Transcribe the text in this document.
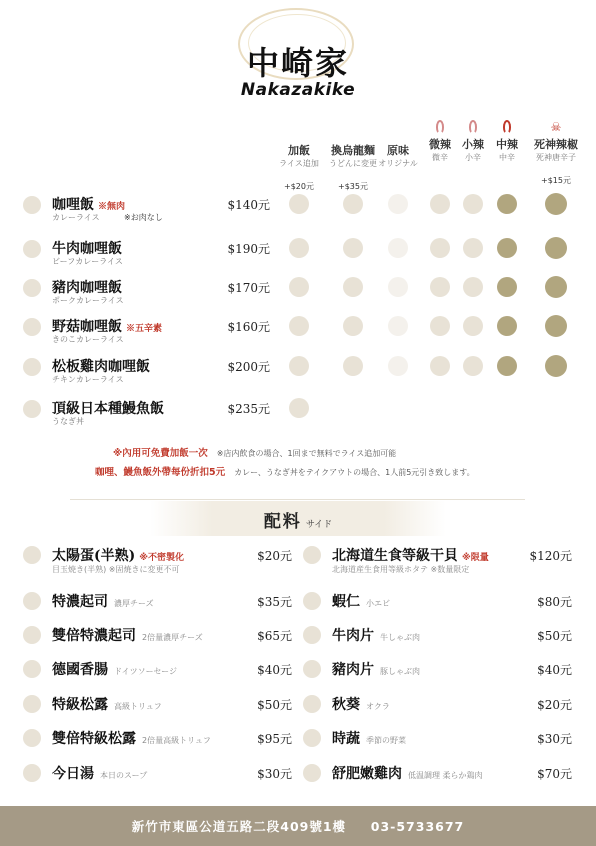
中崎家
Nakazakike
加飯
ライス追加
+$20元
換烏龍麵
うどんに変更
+$35元
原味
オリジナル
微辣
微辛
小辣
小辛
中辣
中辛
☠
死神辣椒
死神唐辛子
+$15元
咖哩飯 ※無肉
※お肉なし
カレーライス
$140元
牛肉咖哩飯
ビーフカレーライス
$190元
豬肉咖哩飯
ポークカレーライス
$170元
野菇咖哩飯 ※五辛素
きのこカレーライス
$160元
松板雞肉咖哩飯
チキンカレーライス
$200元
頂級日本種鰻魚飯
うなぎ丼
$235元
※內用可免費加飯一次 ※店内飲食の場合、1回まで無料でライス追加可能
咖哩、鰻魚飯外帶每份折扣5元 カレー、うなぎ丼をテイクアウトの場合、1人前5元引き致します。
配料 サイド
太陽蛋(半熟) ※不密製化
目玉焼き(半熟) ※固焼きに変更不可
$20元
特濃起司 濃厚チーズ	$35元
雙倍特濃起司 2倍量濃厚チーズ	$65元
德國香腸 ドイツソーセージ	$40元
特級松露 高級トリュフ	$50元
雙倍特級松露 2倍量高級トリュフ	$95元
今日湯 本日のスープ	$30元
北海道生食等級干貝 ※限量
北海道産生食用等級ホタテ ※数量限定
$120元
蝦仁 小エビ	$80元
牛肉片 牛しゃぶ肉	$50元
豬肉片 豚しゃぶ肉	$40元
秋葵 オクラ	$20元
時蔬 季節の野菜	$30元
舒肥嫩雞肉 低温調理 柔らか鶏肉	$70元
新竹市東區公道五路二段409號1樓 03-5733677
